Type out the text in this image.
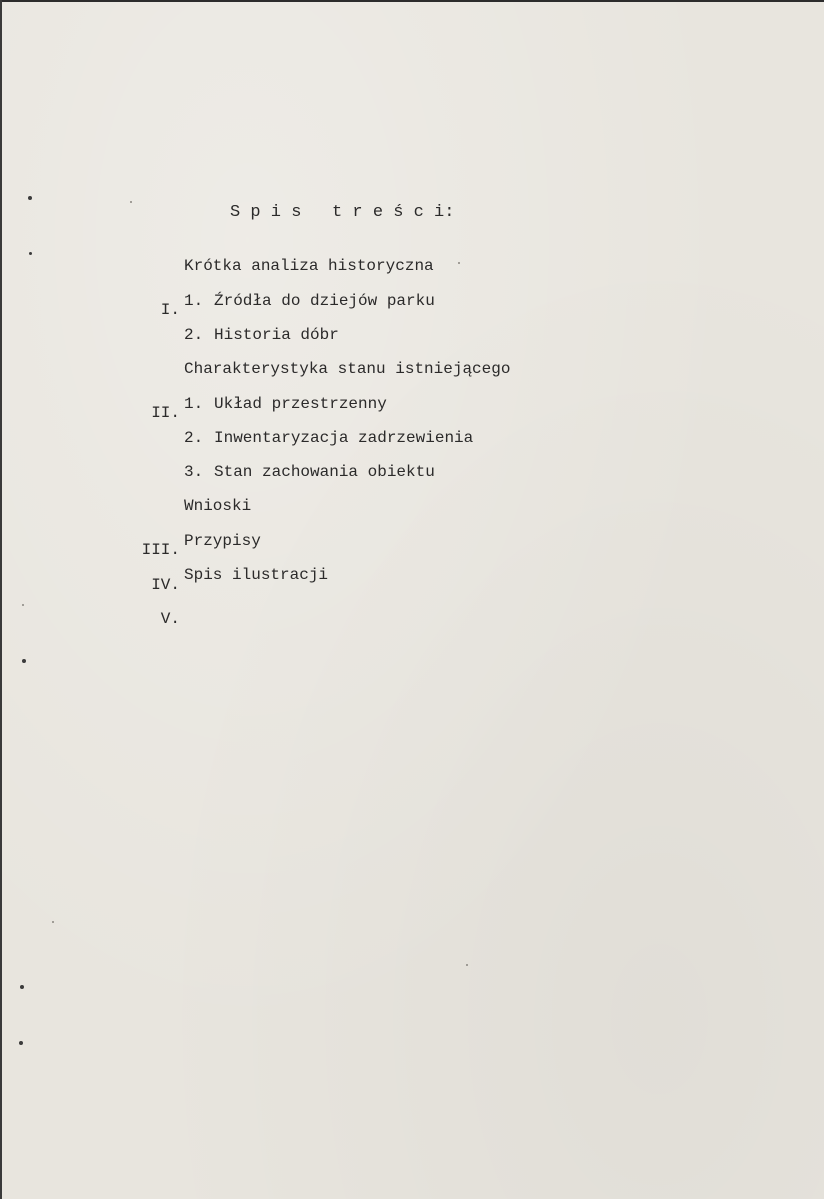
S p i s   t r e ś c i:

I.

Krótka analiza historyczna

1.

Źródła do dziejów parku

2.

Historia dóbr

II.

Charakterystyka stanu istniejącego

1.

Układ przestrzenny

2.

Inwentaryzacja zadrzewienia

3.

Stan zachowania obiektu

III.

Wnioski

IV.

Przypisy

V.

Spis ilustracji
